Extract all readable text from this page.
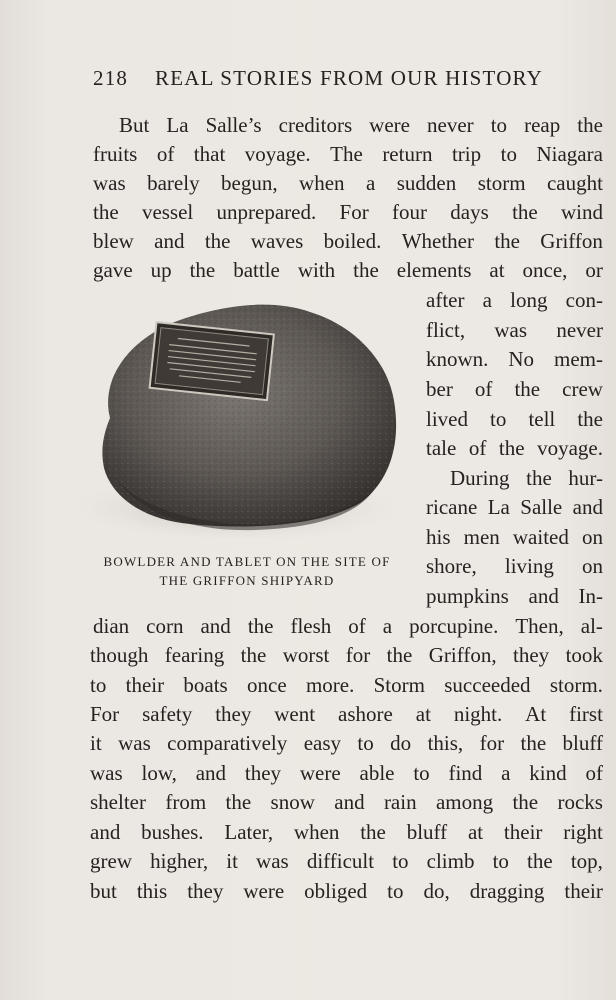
218 REAL STORIES FROM OUR HISTORY
But La Salle’s creditors were never to reap the
fruits of that voyage. The return trip to Niagara
was barely begun, when a sudden storm caught
the vessel unprepared. For four days the wind
blew and the waves boiled. Whether the Griffon
gave up the battle with the elements at once, or
after a long con-
flict, was never
known. No mem-
ber of the crew
lived to tell the
tale of the voyage.
During the hur-
ricane La Salle and
his men waited on
shore, living on
pumpkins and In-
dian corn and the flesh of a porcupine. Then, al-
though fearing the worst for the Griffon, they took
to their boats once more. Storm succeeded storm.
For safety they went ashore at night. At first
it was comparatively easy to do this, for the bluff
was low, and they were able to find a kind of
shelter from the snow and rain among the rocks
and bushes. Later, when the bluff at their right
grew higher, it was difficult to climb to the top,
but this they were obliged to do, dragging their
BOWLDER AND TABLET ON THE SITE OF
THE GRIFFON SHIPYARD
